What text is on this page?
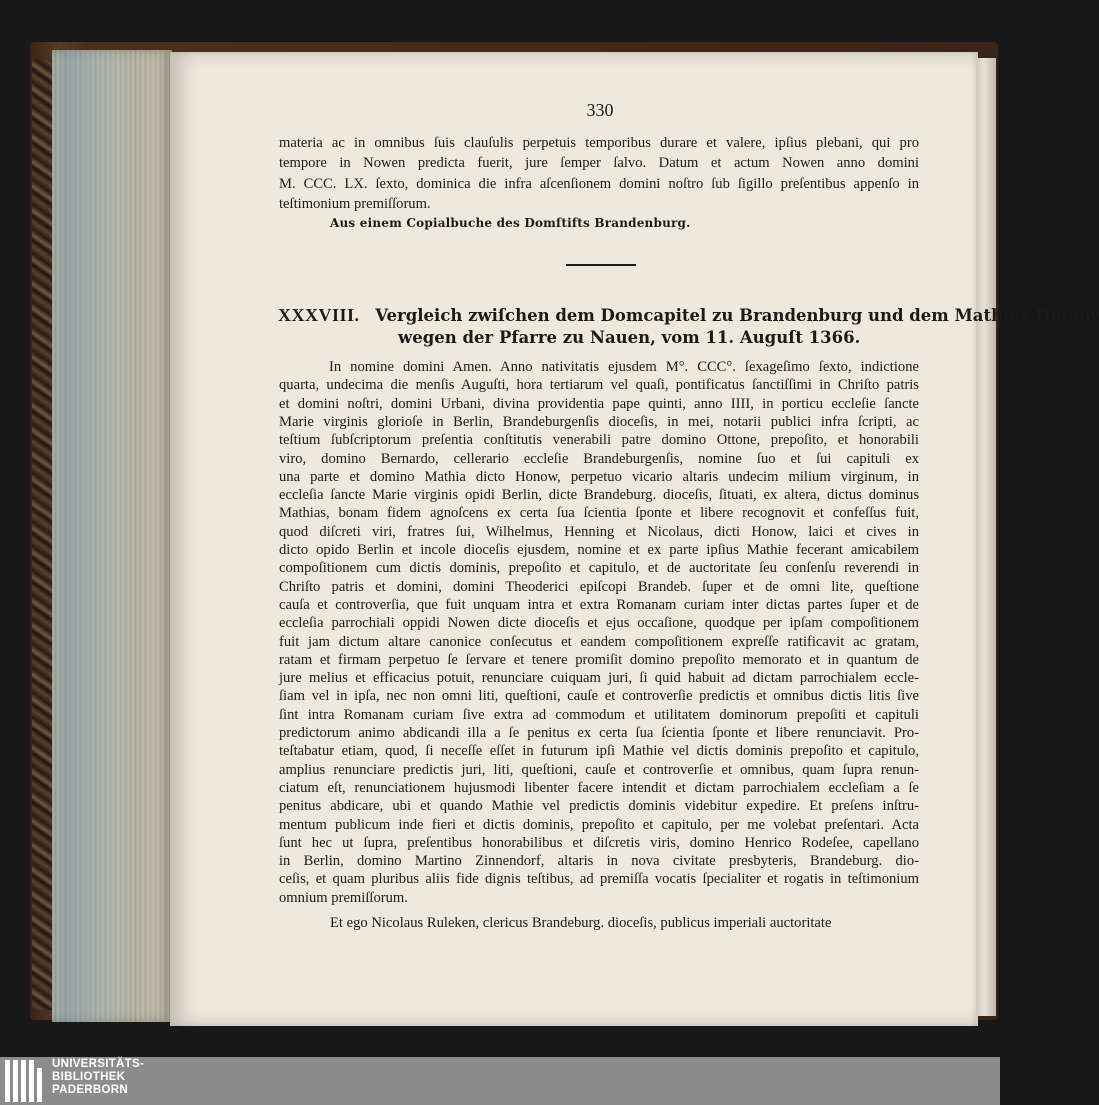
330
materia ac in omnibus ſuis clauſulis perpetuis temporibus durare et valere, ipſius plebani, qui pro
tempore in Nowen predicta fuerit, jure ſemper ſalvo. Datum et actum Nowen anno domini
M. CCC. LX. ſexto, dominica die infra aſcenſionem domini noſtro ſub ſigillo preſentibus appenſo in
teſtimonium premiſſorum.
Aus einem Copialbuche des Domſtifts Brandenburg.
XXXVIII. Vergleich zwiſchen dem Domcapitel zu Brandenburg und dem Mathias Honow
wegen der Pfarre zu Nauen, vom 11. Auguſt 1366.
In nomine domini Amen. Anno nativitatis ejusdem M°. CCC°. ſexageſimo ſexto, indictione
quarta, undecima die menſis Auguſti, hora tertiarum vel quaſi, pontificatus ſanctiſſimi in Chriſto patris
et domini noſtri, domini Urbani, divina providentia pape quinti, anno IIII, in porticu eccleſie ſancte
Marie virginis glorioſe in Berlin, Brandeburgenſis dioceſis, in mei, notarii publici infra ſcripti, ac
teſtium ſubſcriptorum preſentia conſtitutis venerabili patre domino Ottone, prepoſito, et honorabili
viro, domino Bernardo, cellerario eccleſie Brandeburgenſis, nomine ſuo et ſui capituli ex
una parte et domino Mathia dicto Honow, perpetuo vicario altaris undecim milium virginum, in
eccleſia ſancte Marie virginis opidi Berlin, dicte Brandeburg. dioceſis, ſituati, ex altera, dictus dominus
Mathias, bonam fidem agnoſcens ex certa ſua ſcientia ſponte et libere recognovit et confeſſus fuit,
quod diſcreti viri, fratres ſui, Wilhelmus, Henning et Nicolaus, dicti Honow, laici et cives in
dicto opido Berlin et incole dioceſis ejusdem, nomine et ex parte ipſius Mathie fecerant amicabilem
compoſitionem cum dictis dominis, prepoſito et capitulo, et de auctoritate ſeu conſenſu reverendi in
Chriſto patris et domini, domini Theoderici epiſcopi Brandeb. ſuper et de omni lite, queſtione
cauſa et controverſia, que fuit unquam intra et extra Romanam curiam inter dictas partes ſuper et de
eccleſia parrochiali oppidi Nowen dicte dioceſis et ejus occaſione, quodque per ipſam compoſitionem
fuit jam dictum altare canonice conſecutus et eandem compoſitionem expreſſe ratificavit ac gratam,
ratam et firmam perpetuo ſe ſervare et tenere promiſit domino prepoſito memorato et in quantum de
jure melius et efficacius potuit, renunciare cuiquam juri, ſi quid habuit ad dictam parrochialem eccle-
ſiam vel in ipſa, nec non omni liti, queſtioni, cauſe et controverſie predictis et omnibus dictis litis ſive
ſint intra Romanam curiam ſive extra ad commodum et utilitatem dominorum prepoſiti et capituli
predictorum animo abdicandi illa a ſe penitus ex certa ſua ſcientia ſponte et libere renunciavit. Pro-
teſtabatur etiam, quod, ſi neceſſe eſſet in futurum ipſi Mathie vel dictis dominis prepoſito et capitulo,
amplius renunciare predictis juri, liti, queſtioni, cauſe et controverſie et omnibus, quam ſupra renun-
ciatum eſt, renunciationem hujusmodi libenter facere intendit et dictam parrochialem eccleſiam a ſe
penitus abdicare, ubi et quando Mathie vel predictis dominis videbitur expedire. Et preſens inſtru-
mentum publicum inde fieri et dictis dominis, prepoſito et capitulo, per me volebat preſentari. Acta
ſunt hec ut ſupra, preſentibus honorabilibus et diſcretis viris, domino Henrico Rodeſee, capellano
in Berlin, domino Martino Zinnendorf, altaris in nova civitate presbyteris, Brandeburg. dio-
ceſis, et quam pluribus aliis fide dignis teſtibus, ad premiſſa vocatis ſpecialiter et rogatis in teſtimonium
omnium premiſſorum.
Et ego Nicolaus Ruleken, clericus Brandeburg. dioceſis, publicus imperiali auctoritate
UNIVERSITÄTS-
BIBLIOTHEK
PADERBORN
